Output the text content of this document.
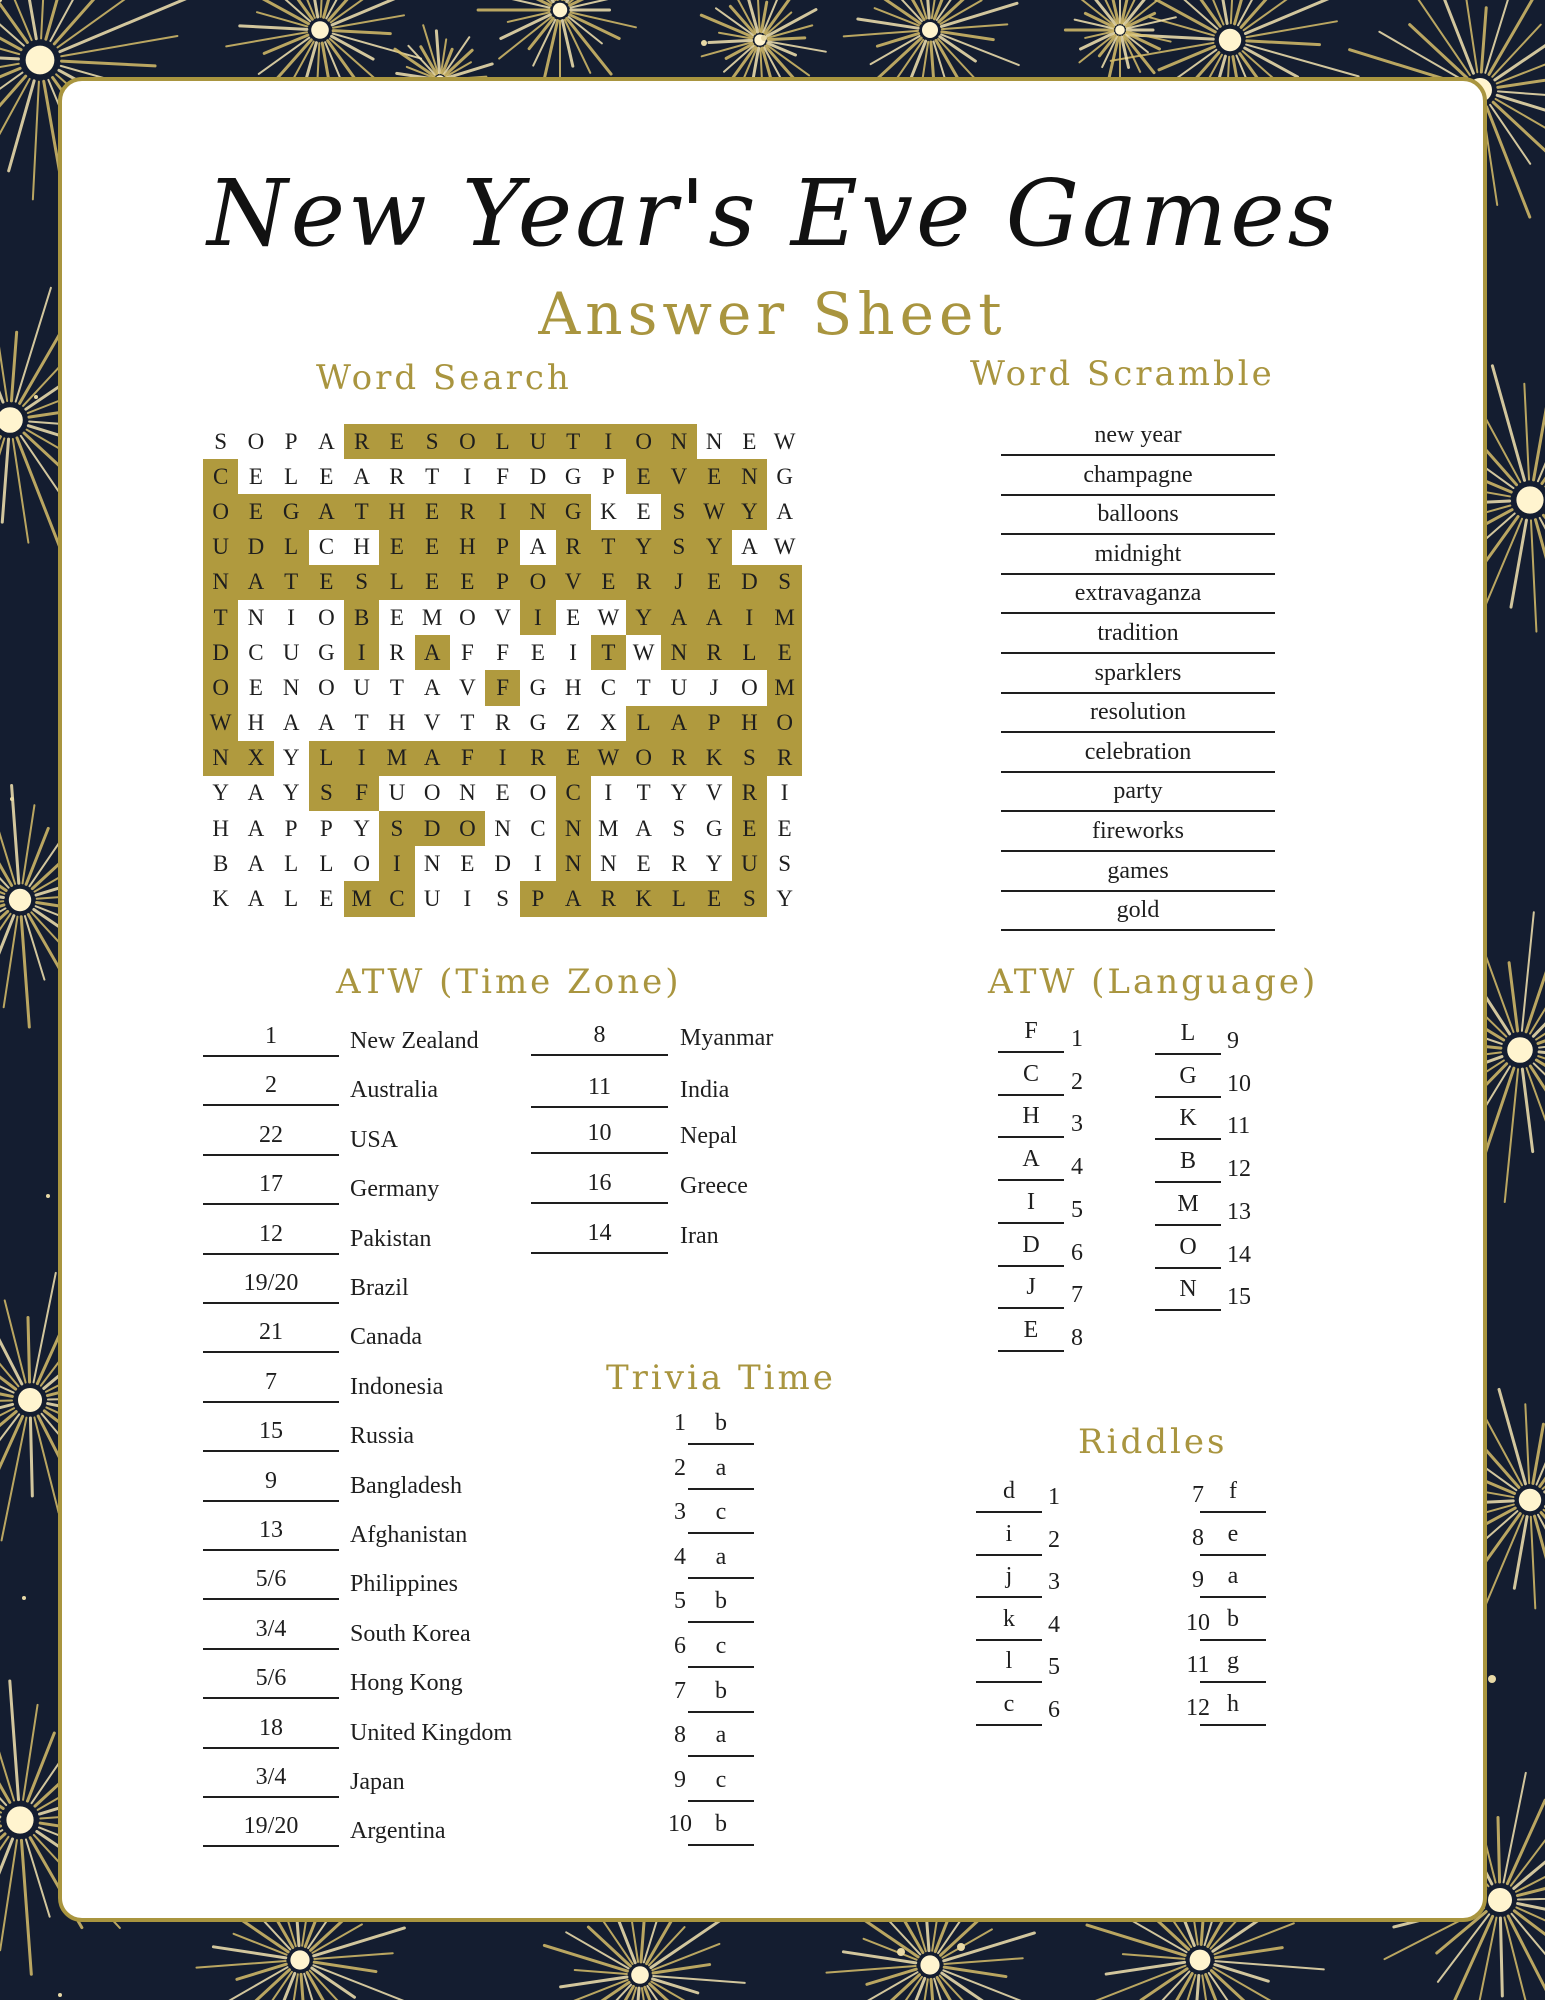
New Year's Eve Games
Answer Sheet
Word Search	Word Scramble
ATW (Time Zone)	ATW (Language)
Trivia Time
Riddles
S O P A R E S O L U T	I	O N N E W
C E L E A R T	I	F D G P E V E N G
O E G A T H E R	I	N G K E S W Y A
U D L C H E E H P A R T Y S Y A W
N A T E S L E E P O V E R	J	E D S
T N	I	O B E M O V	I	E W Y A A	I M
D C U G	I	R A F F E	I	T W N R L E
O E N O U T A V F G H C T U J O M
W H A A T H V T R G Z X L A P H O
N X Y L	I M A F	I	R E W O R K S R
Y A Y S F U O N E O C	I	T Y V R	I
H A P P Y S D O N C N M A S G E E
B A L L O	I	N E D	I	N N E R Y U S
K A L E M C U	I	S P A R K L E S Y
new year
champagne
balloons
midnight
extravaganza
tradition
sparklers
resolution
celebration
party
fireworks
games
gold
1	New Zealand
2	Australia
22	USA
17	Germany
12	Pakistan
19/20	Brazil
21	Canada
7	Indonesia
15	Russia
9	Bangladesh
13	Afghanistan
5/6	Philippines
3/4	South Korea
5/6	Hong Kong
18	United Kingdom
3/4	Japan
19/20	Argentina
8	Myanmar
11	India
10	Nepal
16	Greece
14	Iran
F	1
C	2
H	3
A	4
I	5
D	6
J	7
E	8
L	9
G	10
K	11
B	12
M	13
O	14
N	15
1	b
2	a
3	c
4	a
5	b
6	c
7	b
8	a
9	c
10 b
d	1
i	2
j	3
k	4
l	5
c	6
7	f
8 e
9 a
10 b
11 g
12 h
